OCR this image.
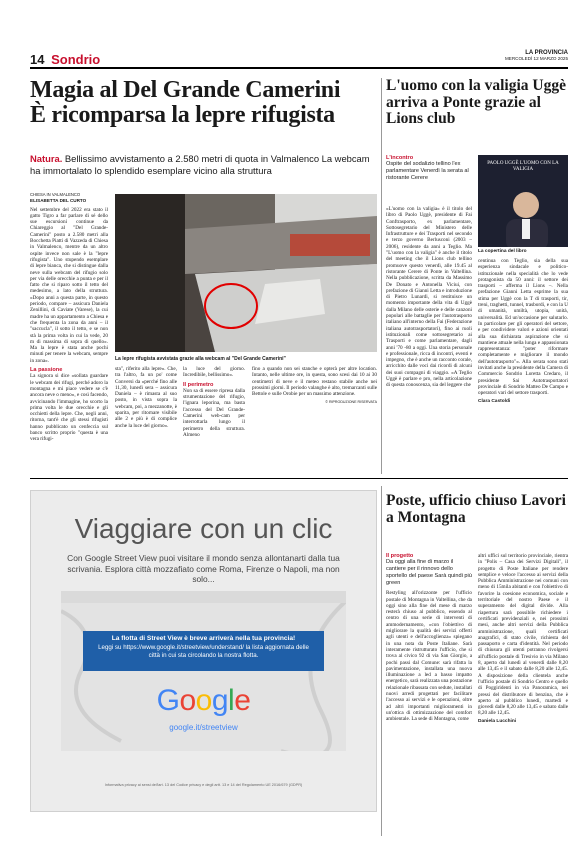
14 Sondrio	LA PROVINCIA
MERCOLEDÌ 12 MARZO 2025
Magia al Del Grande Camerini
È ricomparsa la lepre rifugista
Natura. Bellissimo avvistamento a 2.580 metri di quota in Valmalenco La webcam ha immortalato lo splendido esemplare vicino alla struttura
CHIESA IN VALMALENCO
ELISABETTA DEL CURTO

Nel settembre del 2022 era stato il gatto Tigro a far parlare di sé dello sue escursioni continue da Chiareggio al "Del Grande-Camerini" posto a 2.580 metri alla Bocchetta Piatti di Vazzeda di Chiesa in Valmalenco, mentre da un altro ospite invece non sale è la "lepre rifugista". Uno stupendo esemplare di lepre bianca, che si distingue dalla neve sulla webcam del rifugio solo per via delle orecchie a punta e per il fatto che si riparo sotto il tetto del medesimo, a lato della struttura. «Dopo anni a questa parte, in questo periodo, compare – assicura Daniela Zenillini, di Caviate (Varese), la cui madre ha un appartamento a Chiesa e che frequenta la zona da anni – il "saccucla", il sotto il tetto, e se non stà la prima volta in cui la vede, 20 m di massima di sopra di quello». Ma la lepre è stata anche pochi minuti per tenere la webcam, sempre in zona».

La passione

La signora si dice «sollata guardare le webcam dei rifugi, perché adoro la montagna e mi piace vedere se c'è ancora neve o meno», e così facendo, avvicinando l'immagine, ho scorto la prima volta le due orecchie e gli occhietti della lepre. Che, negli anni, ritorna, tant'è che gli stessi rifugisti hanno pubblicato un cenfeccia sul banco scritto proprio "questa è una vera rifugi-

La lepre rifugista avvistata grazie alla webcam al "Del Grande Camerini"

sta", riferito alla lepre». Che, tra l'altro, fa un po' come Conversi da «perché fino alle 11,30, lunedì sera – assicura Daniela – è rimasta al suo posto, in vista sopra la webcam, poi, a mezzanotte, è sparita, per ritornare visibile alle 2 e più è di complice anche la luce del giorno».

la luce del giorno. Incredibile, bellissimo».

Il perimetro

Non sa di essere ripresa dalla strumentazione del rifugio, l'ignara leporina, ma basta l'accesso del Del Grande-Camerini web-cam per interrottarla lungo il perimetro della struttura. Almeno

fino a quando non sei stanche e opterà per altre location. Intanto, nelle ultime ore, in questa, sono scesi dai 10 ai 30 centimetri di neve e il meteo restano stabile anche nei prossimi giorni. Il periodo valanghe è alto, tremarcanti sulle Bettole e sulle Orobie per un massimo attenzione.

© RIPRODUZIONE RISERVATA
L'uomo con la valigia Uggè arriva a Ponte grazie al Lions club
L'incontro
Ospite del sodalizio tellino l'ex parlamentare Venerdì la serata al ristorante Cerere
PAOLO UGGÈ L'UOMO CON LA VALIGIA
La copertina del libro

«L'uomo con la valigia» è il titolo del libro di Paolo Uggè, presidente di Fai Conftrasporto, ex parlamentare, Sottosegretario del Ministero delle Infrastrutture e dei Trasporti nel secondo e terzo governo Berlusconi (2003 – 2006), residente da anni a Teglio. Ma "L'uomo con la valigia" è anche il titolo del meeting che il Lions club tellino promuove questo venerdì, alle 19.45 al ristorante Cerere di Ponte in Valtellina. Nella pubblicazione, scritta da Massimo De Donato e Antonella Viciui, con prefazione di Gianni Letta e introduzione di Pietro Lunardi, si restituisce un momento importante della vita di Uggè dalla Milano delle osterie e delle canzoni popolari alle battaglie per l'autotrasporto italiano all'interno della Fai (Federazione italiana autotrasportatori), fino ai ruoli istituzionali come sottosegretario ai Trasporti e come parlamentare, dagli anni '70 -80 a oggi. Una storia personale e professionale, ricca di incontri, eventi e impegno, che è anche un racconto corale, arricchito dalle voci dai ricordi di alcuni dei suoi compagni di viaggio. «A Teglio Uggè è parlare e pro, nella articolazione di questa conoscenza, sia del leggere che

centinua con Teglio, sia della sua esperienza sindacale e politico-istituzionale nella specialità che lo vede protagonista da 50 anni: il settore dei trasporti – afferma il Lions –. Nella prefazione Gianni Letta esprime la sua stima per Uggè con la T di trasporti, tir, treni, traghetti, tunnel, trasbordi, e con la U di umanità, umiltà, utopia, unità, universalità. Ed un'occasione per salutarlo. In particolare per gli operatori del settore, e per condividere valori e azioni orientati alla sua dichiarata aspirazione che si mantiene attuale nella lunga e appassionata rappresentanza: "poter riformare completamente e migliorare il mondo dell'autotrasporto"». Alla serata sono stati invitati anche la presidente della Camera di Commercio Sondrio Loretta Credaro, il presidente Sai Autotrasportatori provinciale di Sondrio Matteo De Campo e operatori vari del settore trasporti.

Clara Castoldi
Viaggiare con un clic
Con Google Street View puoi visitare il mondo senza allontanarti dalla tua scrivania. Esplora città mozzafiato come Roma, Firenze o Napoli, ma non solo...
La flotta di Street View è breve arriverà nella tua provincia!
Leggi su https://www.google.it/streetview/understand/ la lista aggiornata delle città in cui sta circolando la nostra flotta.
Google
google.it/streetview
Informativa privacy ai sensi dell'art. 13 del Codice privacy e degli artt. 13 e 14 del Regolamento UE 2016/679 (GDPR)
Poste, ufficio chiuso Lavori a Montagna
Il progetto
Da oggi alla fine di marzo il cantiere per il rinnovo dello sportello del paese Sarà quindi più green

Restyling all'orizzonte per l'ufficio postale di Montagna in Valtellina, che da oggi sino alla fine del mese di marzo resterà chiuso al pubblico, essendo al centro di una serie di interventi di ammodernamento, «con l'obiettivo di migliorare la qualità dei servizi offerti agli utenti e dell'accoglienza» spiegano in una nota da Poste Italiane. Sarà interamente ristrutturato l'ufficio, che si trova al civico 92 di via San Giorgio, a pochi passi dal Comune: sarà rifatta la pavimentazione, installata una nuova illuminazione a led a basso impatto energetico, sarà realizzata una postazione relazionale ribassata con sedute, installati nuovi arredi progettati per facilitare l'accesso ai servizi e le operazioni, oltre ad altri importanti miglioramenti in un'ottica di ottimizzazione del comfort ambientale. La sede di Montagna, come

altri uffici sul territorio provinciale, rientra in "Polis – Casa dei Servizi Digitali", il progetto di Poste Italiane per rendere semplice e veloce l'accesso ai servizi della Pubblica Amministrazione nei comuni con meno di 15mila abitanti e con l'obiettivo di favorire la coesione economica, sociale e territoriale del nostro Paese e il superamento del digital divide. Alla riapertura sarà possibile richiedere i certificati previdenziali e, nei prossimi mesi, anche altri servizi della Pubblica amministrazione, quali certificati anagrafici, di stato civile, richiesta del passaporto e carta d'identità. Nel periodo di chiusura gli utenti potranno rivolgersi all'ufficio postale di Tresivio in via Milano 8, aperto dal lunedì al venerdì dalle 8,20 alle 13,45 e il sabato dalle 8,20 alle 12,45. A disposizione della clientela anche l'ufficio postale di Sondrio Centro e quello di Poggiridenti in via Panoramica, nei pressi del distributore di benzina, che è aperto al pubblico lunedì, martedì e giovedì dalle 8,20 alle 13,45 e sabato dalle 8,20 alle 12,45.

Daniela Lucchini
